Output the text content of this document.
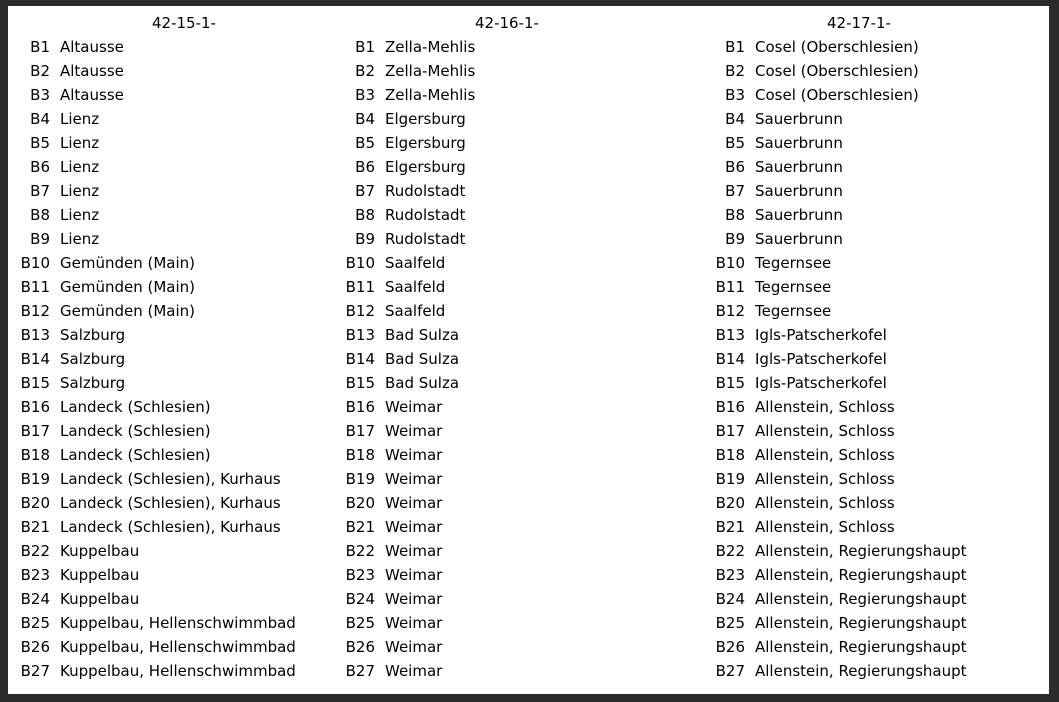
42-15-1-
B1 Altausse
B2 Altausse
B3 Altausse
B4 Lienz
B5 Lienz
B6 Lienz
B7 Lienz
B8 Lienz
B9 Lienz
B10 Gemünden (Main)
B11 Gemünden (Main)
B12 Gemünden (Main)
B13 Salzburg
B14 Salzburg
B15 Salzburg
B16 Landeck (Schlesien)
B17 Landeck (Schlesien)
B18 Landeck (Schlesien)
B19 Landeck (Schlesien), Kurhaus
B20 Landeck (Schlesien), Kurhaus
B21 Landeck (Schlesien), Kurhaus
B22 Kuppelbau
B23 Kuppelbau
B24 Kuppelbau
B25 Kuppelbau, Hellenschwimmbad
B26 Kuppelbau, Hellenschwimmbad
B27 Kuppelbau, Hellenschwimmbad
42-16-1-
B1 Zella-Mehlis
B2 Zella-Mehlis
B3 Zella-Mehlis
B4 Elgersburg
B5 Elgersburg
B6 Elgersburg
B7 Rudolstadt
B8 Rudolstadt
B9 Rudolstadt
B10 Saalfeld
B11 Saalfeld
B12 Saalfeld
B13 Bad Sulza
B14 Bad Sulza
B15 Bad Sulza
B16 Weimar
B17 Weimar
B18 Weimar
B19 Weimar
B20 Weimar
B21 Weimar
B22 Weimar
B23 Weimar
B24 Weimar
B25 Weimar
B26 Weimar
B27 Weimar
42-17-1-
B1 Cosel (Oberschlesien)
B2 Cosel (Oberschlesien)
B3 Cosel (Oberschlesien)
B4 Sauerbrunn
B5 Sauerbrunn
B6 Sauerbrunn
B7 Sauerbrunn
B8 Sauerbrunn
B9 Sauerbrunn
B10 Tegernsee
B11 Tegernsee
B12 Tegernsee
B13 Igls-Patscherkofel
B14 Igls-Patscherkofel
B15 Igls-Patscherkofel
B16 Allenstein, Schloss
B17 Allenstein, Schloss
B18 Allenstein, Schloss
B19 Allenstein, Schloss
B20 Allenstein, Schloss
B21 Allenstein, Schloss
B22 Allenstein, Regierungshaupt
B23 Allenstein, Regierungshaupt
B24 Allenstein, Regierungshaupt
B25 Allenstein, Regierungshaupt
B26 Allenstein, Regierungshaupt
B27 Allenstein, Regierungshaupt
